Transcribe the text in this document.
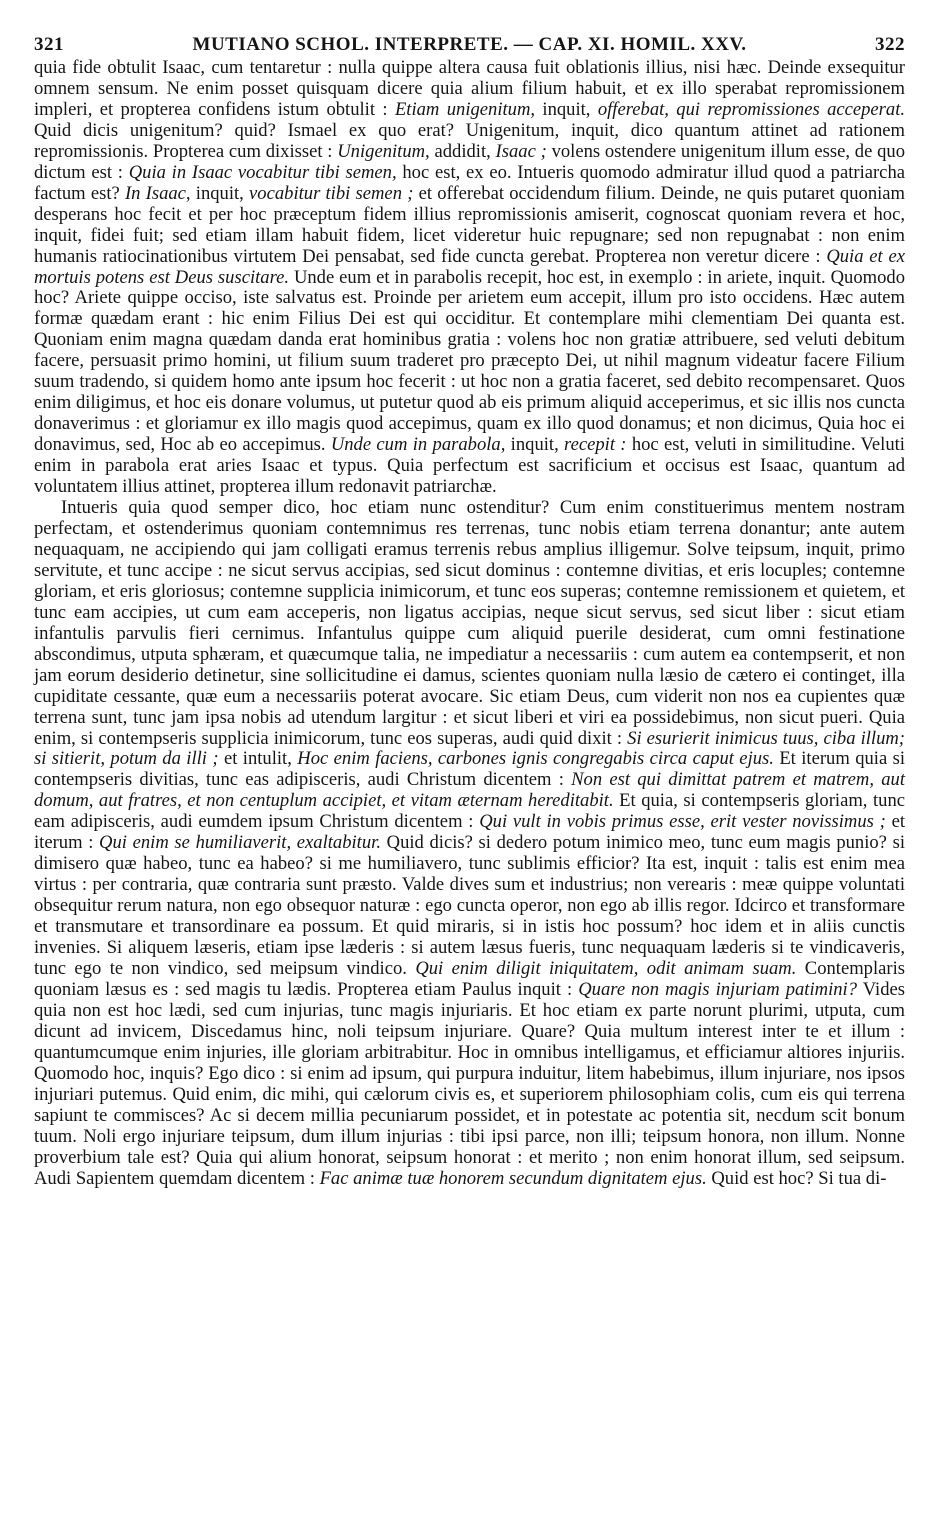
321	MUTIANO SCHOL. INTERPRETE. — CAP. XI. HOMIL. XXV.	322

quia fide obtulit Isaac, cum tentaretur : nulla quippe altera causa fuit oblationis illius, nisi hæc. Deinde exsequitur omnem sensum. Ne enim posset quisquam dicere quia alium filium habuit, et ex illo sperabat repromissionem impleri, et propterea confidens istum obtulit : Etiam unigenitum, inquit, offerebat, qui repromissiones acceperat. Quid dicis unigenitum? quid? Ismael ex quo erat? Unigenitum, inquit, dico quantum attinet ad rationem repromissionis. Propterea cum dixisset : Unigenitum, addidit, Isaac ; volens ostendere unigenitum illum esse, de quo dictum est : Quia in Isaac vocabitur tibi semen, hoc est, ex eo. Intueris quomodo admiratur illud quod a patriarcha factum est? In Isaac, inquit, vocabitur tibi semen ; et offerebat occidendum filium. Deinde, ne quis putaret quoniam desperans hoc fecit et per hoc præceptum fidem illius repromissionis amiserit, cognoscat quoniam revera et hoc, inquit, fidei fuit; sed etiam illam habuit fidem, licet videretur huic repugnare; sed non repugnabat : non enim humanis ratiocinationibus virtutem Dei pensabat, sed fide cuncta gerebat. Propterea non veretur dicere : Quia et ex mortuis potens est Deus suscitare. Unde eum et in parabolis recepit, hoc est, in exemplo : in ariete, inquit. Quomodo hoc? Ariete quippe occiso, iste salvatus est. Proinde per arietem eum accepit, illum pro isto occidens. Hæc autem formæ quædam erant : hic enim Filius Dei est qui occiditur. Et contemplare mihi clementiam Dei quanta est. Quoniam enim magna quædam danda erat hominibus gratia : volens hoc non gratiæ attribuere, sed veluti debitum facere, persuasit primo homini, ut filium suum traderet pro præcepto Dei, ut nihil magnum videatur facere Filium suum tradendo, si quidem homo ante ipsum hoc fecerit : ut hoc non a gratia faceret, sed debito recompensaret. Quos enim diligimus, et hoc eis donare volumus, ut putetur quod ab eis primum aliquid acceperimus, et sic illis nos cuncta donaverimus : et gloriamur ex illo magis quod accepimus, quam ex illo quod donamus; et non dicimus, Quia hoc ei donavimus, sed, Hoc ab eo accepimus. Unde cum in parabola, inquit, recepit : hoc est, veluti in similitudine. Veluti enim in parabola erat aries Isaac et typus. Quia perfectum est sacrificium et occisus est Isaac, quantum ad voluntatem illius attinet, propterea illum redonavit patriarchæ.

Intueris quia quod semper dico, hoc etiam nunc ostenditur? Cum enim constituerimus mentem nostram perfectam, et ostenderimus quoniam contemnimus res terrenas, tunc nobis etiam terrena donantur; ante autem nequaquam, ne accipiendo qui jam colligati eramus terrenis rebus amplius illigemur. Solve teipsum, inquit, primo servitute, et tunc accipe : ne sicut servus accipias, sed sicut dominus : contemne divitias, et eris locuples; contemne gloriam, et eris gloriosus; contemne supplicia inimicorum, et tunc eos superas; contemne remissionem et quietem, et tunc eam accipies, ut cum eam acceperis, non ligatus accipias, neque sicut servus, sed sicut liber : sicut etiam infantulis parvulis fieri cernimus. Infantulus quippe cum aliquid puerile desiderat, cum omni festinatione abscondimus, utputa sphæram, et quæcumque talia, ne impediatur a necessariis : cum autem ea contempserit, et non jam eorum desiderio detinetur, sine sollicitudine ei damus, scientes quoniam nulla læsio de cætero ei continget, illa cupiditate cessante, quæ eum a necessariis poterat avocare. Sic etiam Deus, cum viderit non nos ea cupientes quæ terrena sunt, tunc jam ipsa nobis ad utendum largitur : et sicut liberi et viri ea possidebimus, non sicut pueri. Quia enim, si contempseris supplicia inimicorum, tunc eos superas, audi quid dixit : Si esurierit inimicus tuus, ciba illum; si sitierit, potum da illi ; et intulit, Hoc enim faciens, carbones ignis congregabis circa caput ejus. Et iterum quia si contempseris divitias, tunc eas adipisceris, audi Christum dicentem : Non est qui dimittat patrem et matrem, aut domum, aut fratres, et non centuplum accipiet, et vitam æternam hereditabit. Et quia, si contempseris gloriam, tunc eam adipisceris, audi eumdem ipsum Christum dicentem : Qui vult in vobis primus esse, erit vester novissimus ; et iterum : Qui enim se humiliaverit, exaltabitur. Quid dicis? si dedero potum inimico meo, tunc eum magis punio? si dimisero quæ habeo, tunc ea habeo? si me humiliavero, tunc sublimis efficior? Ita est, inquit : talis est enim mea virtus : per contraria, quæ contraria sunt præsto. Valde dives sum et industrius; non verearis : meæ quippe voluntati obsequitur rerum natura, non ego obsequor naturæ : ego cuncta operor, non ego ab illis regor. Idcirco et transformare et transmutare et transordinare ea possum. Et quid miraris, si in istis hoc possum? hoc idem et in aliis cunctis invenies. Si aliquem læseris, etiam ipse læderis : si autem læsus fueris, tunc nequaquam læderis si te vindicaveris, tunc ego te non vindico, sed meipsum vindico. Qui enim diligit iniquitatem, odit animam suam. Contemplaris quoniam læsus es : sed magis tu lædis. Propterea etiam Paulus inquit : Quare non magis injuriam patimini? Vides quia non est hoc lædi, sed cum injurias, tunc magis injuriaris. Et hoc etiam ex parte norunt plurimi, utputa, cum dicunt ad invicem, Discedamus hinc, noli teipsum injuriare. Quare? Quia multum interest inter te et illum : quantumcumque enim injuries, ille gloriam arbitrabitur. Hoc in omnibus intelligamus, et efficiamur altiores injuriis. Quomodo hoc, inquis? Ego dico : si enim ad ipsum, qui purpura induitur, litem habebimus, illum injuriare, nos ipsos injuriari putemus. Quid enim, dic mihi, qui cælorum civis es, et superiorem philosophiam colis, cum eis qui terrena sapiunt te commisces? Ac si decem millia pecuniarum possidet, et in potestate ac potentia sit, necdum scit bonum tuum. Noli ergo injuriare teipsum, dum illum injurias : tibi ipsi parce, non illi; teipsum honora, non illum. Nonne proverbium tale est? Quia qui alium honorat, seipsum honorat : et merito ; non enim honorat illum, sed seipsum. Audi Sapientem quemdam dicentem : Fac animæ tuæ honorem secundum dignitatem ejus. Quid est hoc? Si tua di-
